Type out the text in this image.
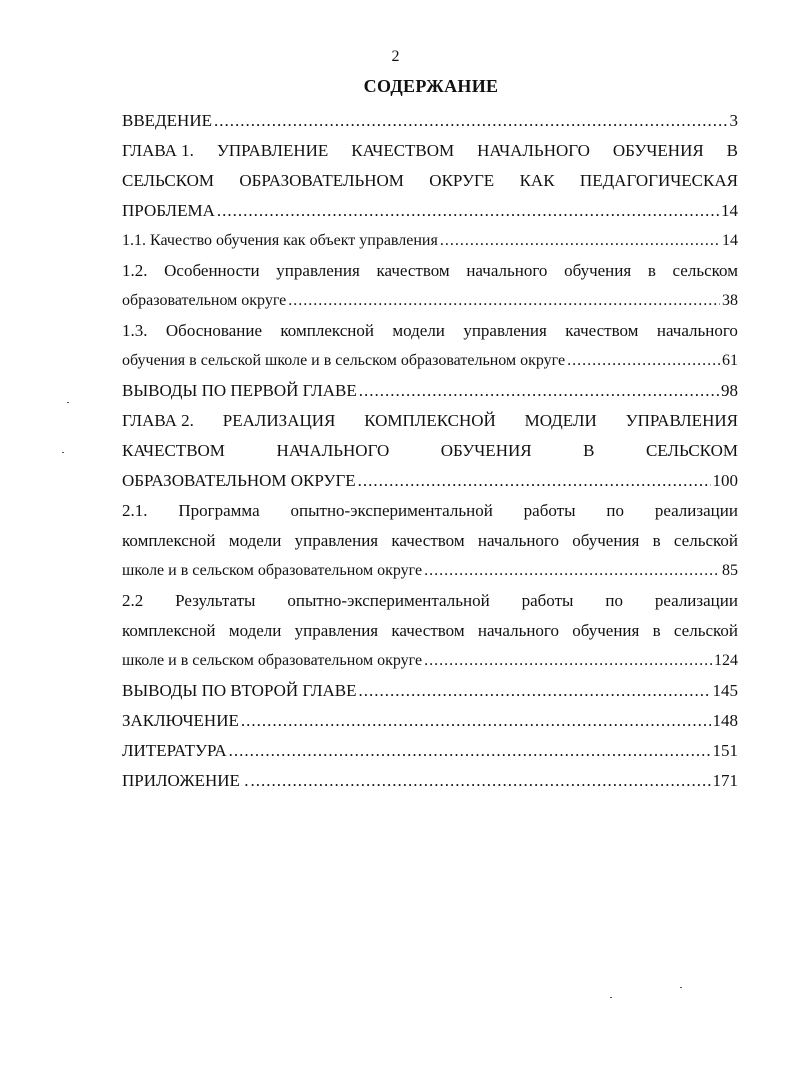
2
СОДЕРЖАНИЕ
ВВЕДЕНИЕ .....	3
ГЛАВА 1. УПРАВЛЕНИЕ КАЧЕСТВОМ НАЧАЛЬНОГО ОБУЧЕНИЯ В
СЕЛЬСКОМ ОБРАЗОВАТЕЛЬНОМ ОКРУГЕ КАК ПЕДАГОГИЧЕСКАЯ
ПРОБЛЕМА .....	14
1.1. Качество обучения как объект управления .....	14
1.2. Особенности управления качеством начального обучения в сельском
образовательном округе .....	38
1.3. Обоснование комплексной модели управления качеством начального
обучения в сельской школе и в сельском образовательном округе .....	61
ВЫВОДЫ ПО ПЕРВОЙ ГЛАВЕ .....	98
ГЛАВА 2. РЕАЛИЗАЦИЯ КОМПЛЕКСНОЙ МОДЕЛИ УПРАВЛЕНИЯ
КАЧЕСТВОМ	НАЧАЛЬНОГО	ОБУЧЕНИЯ	В	СЕЛЬСКОМ
ОБРАЗОВАТЕЛЬНОМ ОКРУГЕ .....	100
2.1. Программа опытно-экспериментальной работы по реализации
комплексной модели управления качеством начального обучения в сельской
школе и в сельском образовательном округе .....	85
2.2 Результаты опытно-экспериментальной работы по реализации
комплексной модели управления качеством начального обучения в сельской
школе и в сельском образовательном округе .....	124
ВЫВОДЫ ПО ВТОРОЙ ГЛАВЕ .....	145
ЗАКЛЮЧЕНИЕ .....	148
ЛИТЕРАТУРА .....	151
ПРИЛОЖЕНИЕ . .....	171
